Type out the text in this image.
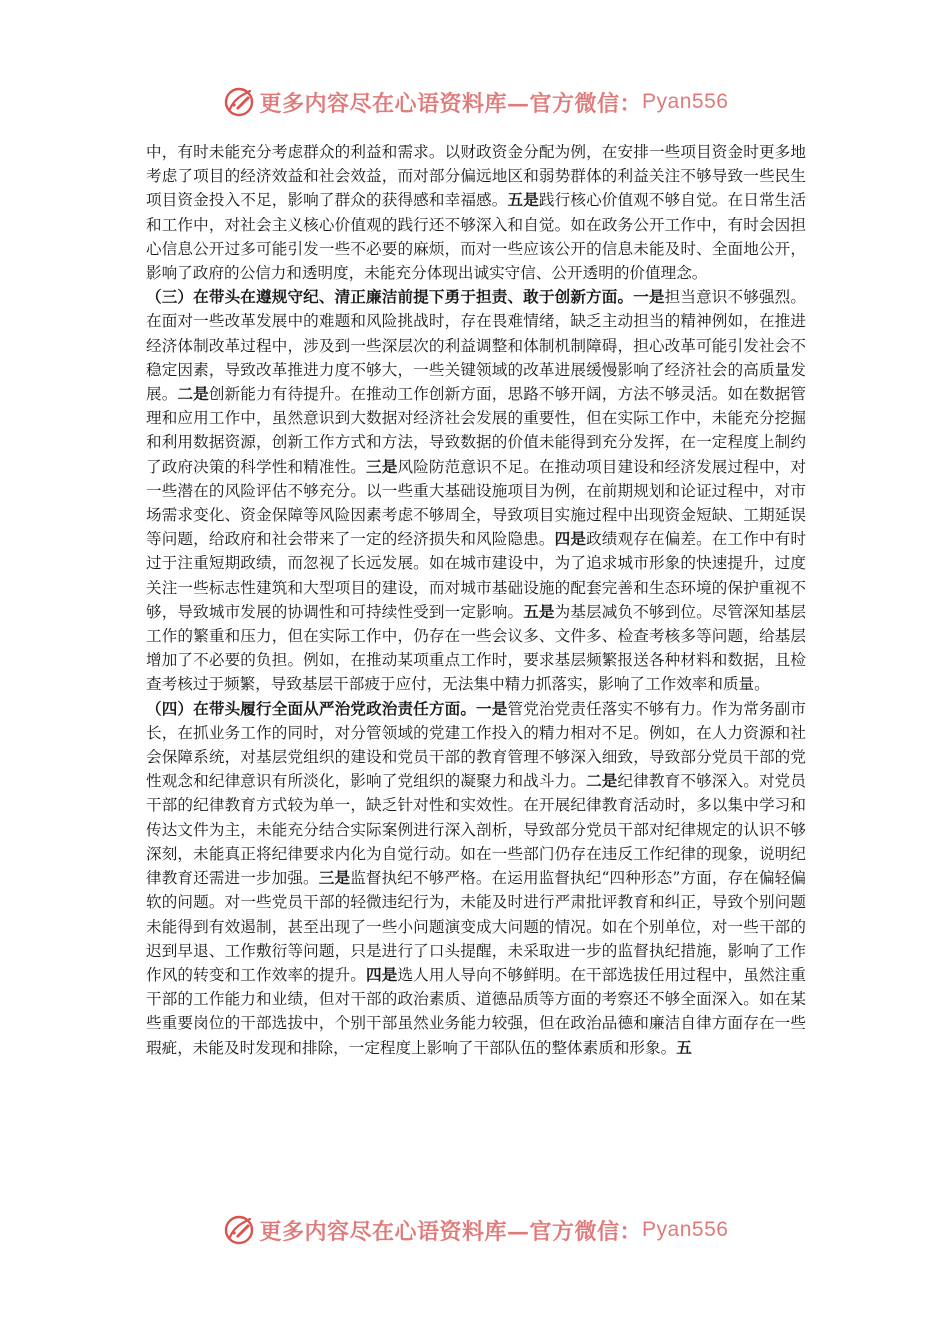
更多内容尽在心语资料库—官方微信： Pyan556

中，有时未能充分考虑群众的利益和需求。以财政资金分配为例，在安排一些项目资金时更多地考虑了项目的经济效益和社会效益，而对部分偏远地区和弱势群体的利益关注不够导致一些民生项目资金投入不足，影响了群众的获得感和幸福感。五是践行核心价值观不够自觉。在日常生活和工作中，对社会主义核心价值观的践行还不够深入和自觉。如在政务公开工作中，有时会因担心信息公开过多可能引发一些不必要的麻烦，而对一些应该公开的信息未能及时、全面地公开，影响了政府的公信力和透明度，未能充分体现出诚实守信、公开透明的价值理念。

（三）在带头在遵规守纪、清正廉洁前提下勇于担责、敢于创新方面。一是担当意识不够强烈。在面对一些改革发展中的难题和风险挑战时，存在畏难情绪，缺乏主动担当的精神例如，在推进经济体制改革过程中，涉及到一些深层次的利益调整和体制机制障碍，担心改革可能引发社会不稳定因素，导致改革推进力度不够大，一些关键领域的改革进展缓慢影响了经济社会的高质量发展。二是创新能力有待提升。在推动工作创新方面，思路不够开阔，方法不够灵活。如在数据管理和应用工作中，虽然意识到大数据对经济社会发展的重要性，但在实际工作中，未能充分挖掘和利用数据资源，创新工作方式和方法，导致数据的价值未能得到充分发挥，在一定程度上制约了政府决策的科学性和精准性。三是风险防范意识不足。在推动项目建设和经济发展过程中，对一些潜在的风险评估不够充分。以一些重大基础设施项目为例，在前期规划和论证过程中，对市场需求变化、资金保障等风险因素考虑不够周全，导致项目实施过程中出现资金短缺、工期延误等问题，给政府和社会带来了一定的经济损失和风险隐患。四是政绩观存在偏差。在工作中有时过于注重短期政绩，而忽视了长远发展。如在城市建设中，为了追求城市形象的快速提升，过度关注一些标志性建筑和大型项目的建设，而对城市基础设施的配套完善和生态环境的保护重视不够，导致城市发展的协调性和可持续性受到一定影响。五是为基层减负不够到位。尽管深知基层工作的繁重和压力，但在实际工作中，仍存在一些会议多、文件多、检查考核多等问题，给基层增加了不必要的负担。例如，在推动某项重点工作时，要求基层频繁报送各种材料和数据，且检查考核过于频繁，导致基层干部疲于应付，无法集中精力抓落实，影响了工作效率和质量。

（四）在带头履行全面从严治党政治责任方面。一是管党治党责任落实不够有力。作为常务副市长，在抓业务工作的同时，对分管领域的党建工作投入的精力相对不足。例如，在人力资源和社会保障系统，对基层党组织的建设和党员干部的教育管理不够深入细致，导致部分党员干部的党性观念和纪律意识有所淡化，影响了党组织的凝聚力和战斗力。二是纪律教育不够深入。对党员干部的纪律教育方式较为单一，缺乏针对性和实效性。在开展纪律教育活动时，多以集中学习和传达文件为主，未能充分结合实际案例进行深入剖析，导致部分党员干部对纪律规定的认识不够深刻，未能真正将纪律要求内化为自觉行动。如在一些部门仍存在违反工作纪律的现象，说明纪律教育还需进一步加强。三是监督执纪不够严格。在运用监督执纪“四种形态”方面，存在偏轻偏软的问题。对一些党员干部的轻微违纪行为，未能及时进行严肃批评教育和纠正，导致个别问题未能得到有效遏制，甚至出现了一些小问题演变成大问题的情况。如在个别单位，对一些干部的迟到早退、工作敷衍等问题，只是进行了口头提醒，未采取进一步的监督执纪措施，影响了工作作风的转变和工作效率的提升。四是选人用人导向不够鲜明。在干部选拔任用过程中，虽然注重干部的工作能力和业绩，但对干部的政治素质、道德品质等方面的考察还不够全面深入。如在某些重要岗位的干部选拔中，个别干部虽然业务能力较强，但在政治品德和廉洁自律方面存在一些瑕疵，未能及时发现和排除，一定程度上影响了干部队伍的整体素质和形象。五

更多内容尽在心语资料库—官方微信： Pyan556
